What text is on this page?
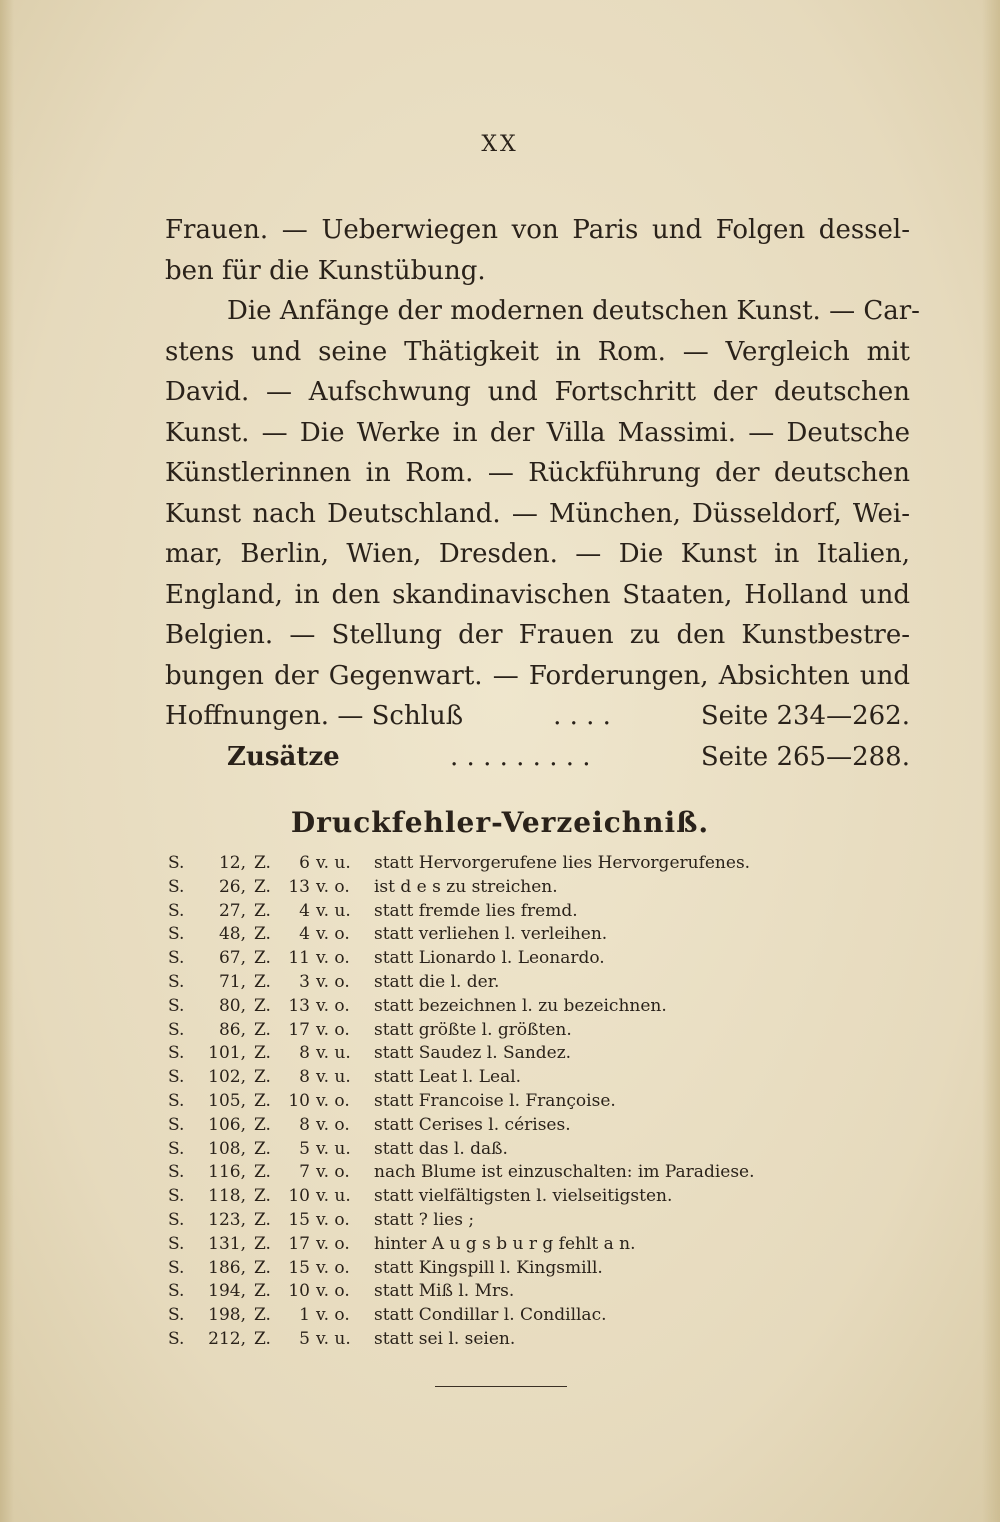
XX
Frauen. — Ueberwiegen von Paris und Folgen dessel-
ben für die Kunstübung.
Die Anfänge der modernen deutschen Kunst. — Car-
stens und seine Thätigkeit in Rom. — Vergleich mit
David. — Aufschwung und Fortschritt der deutschen
Kunst. — Die Werke in der Villa Massimi. — Deutsche
Künstlerinnen in Rom. — Rückführung der deutschen
Kunst nach Deutschland. — München, Düsseldorf, Wei-
mar, Berlin, Wien, Dresden. — Die Kunst in Italien,
England, in den skandinavischen Staaten, Holland und
Belgien. — Stellung der Frauen zu den Kunstbestre-
bungen der Gegenwart. — Forderungen, Absichten und
Hoffnungen. — Schluß	. . . .	Seite 234—262.
Zusätze	. . . . . . . . .	Seite 265—288.
Druckfehler-Verzeichniß.
S.	12, Z.	6 v. u.	statt Hervorgerufene lies Hervorgerufenes.
S.	26, Z.	13 v. o.	ist d e s zu streichen.
S.	27, Z.	4 v. u.	statt fremde lies fremd.
S.	48, Z.	4 v. o.	statt verliehen l. verleihen.
S.	67, Z.	11 v. o.	statt Lionardo l. Leonardo.
S.	71, Z.	3 v. o.	statt die l. der.
S.	80, Z.	13 v. o.	statt bezeichnen l. zu bezeichnen.
S.	86, Z.	17 v. o.	statt größte l. größten.
S.	101, Z.	8 v. u.	statt Saudez l. Sandez.
S.	102, Z.	8 v. u.	statt Leat l. Leal.
S.	105, Z.	10 v. o.	statt Francoise l. Françoise.
S.	106, Z.	8 v. o.	statt Cerises l. cérises.
S.	108, Z.	5 v. u.	statt das l. daß.
S.	116, Z.	7 v. o.	nach Blume ist einzuschalten: im Paradiese.
S.	118, Z.	10 v. u.	statt vielfältigsten l. vielseitigsten.
S.	123, Z.	15 v. o.	statt ? lies ;
S.	131, Z.	17 v. o.	hinter A u g s b u r g fehlt a n.
S.	186, Z.	15 v. o.	statt Kingspill l. Kingsmill.
S.	194, Z.	10 v. o.	statt Miß l. Mrs.
S.	198, Z.	1 v. o.	statt Condillar l. Condillac.
S.	212, Z.	5 v. u.	statt sei l. seien.
